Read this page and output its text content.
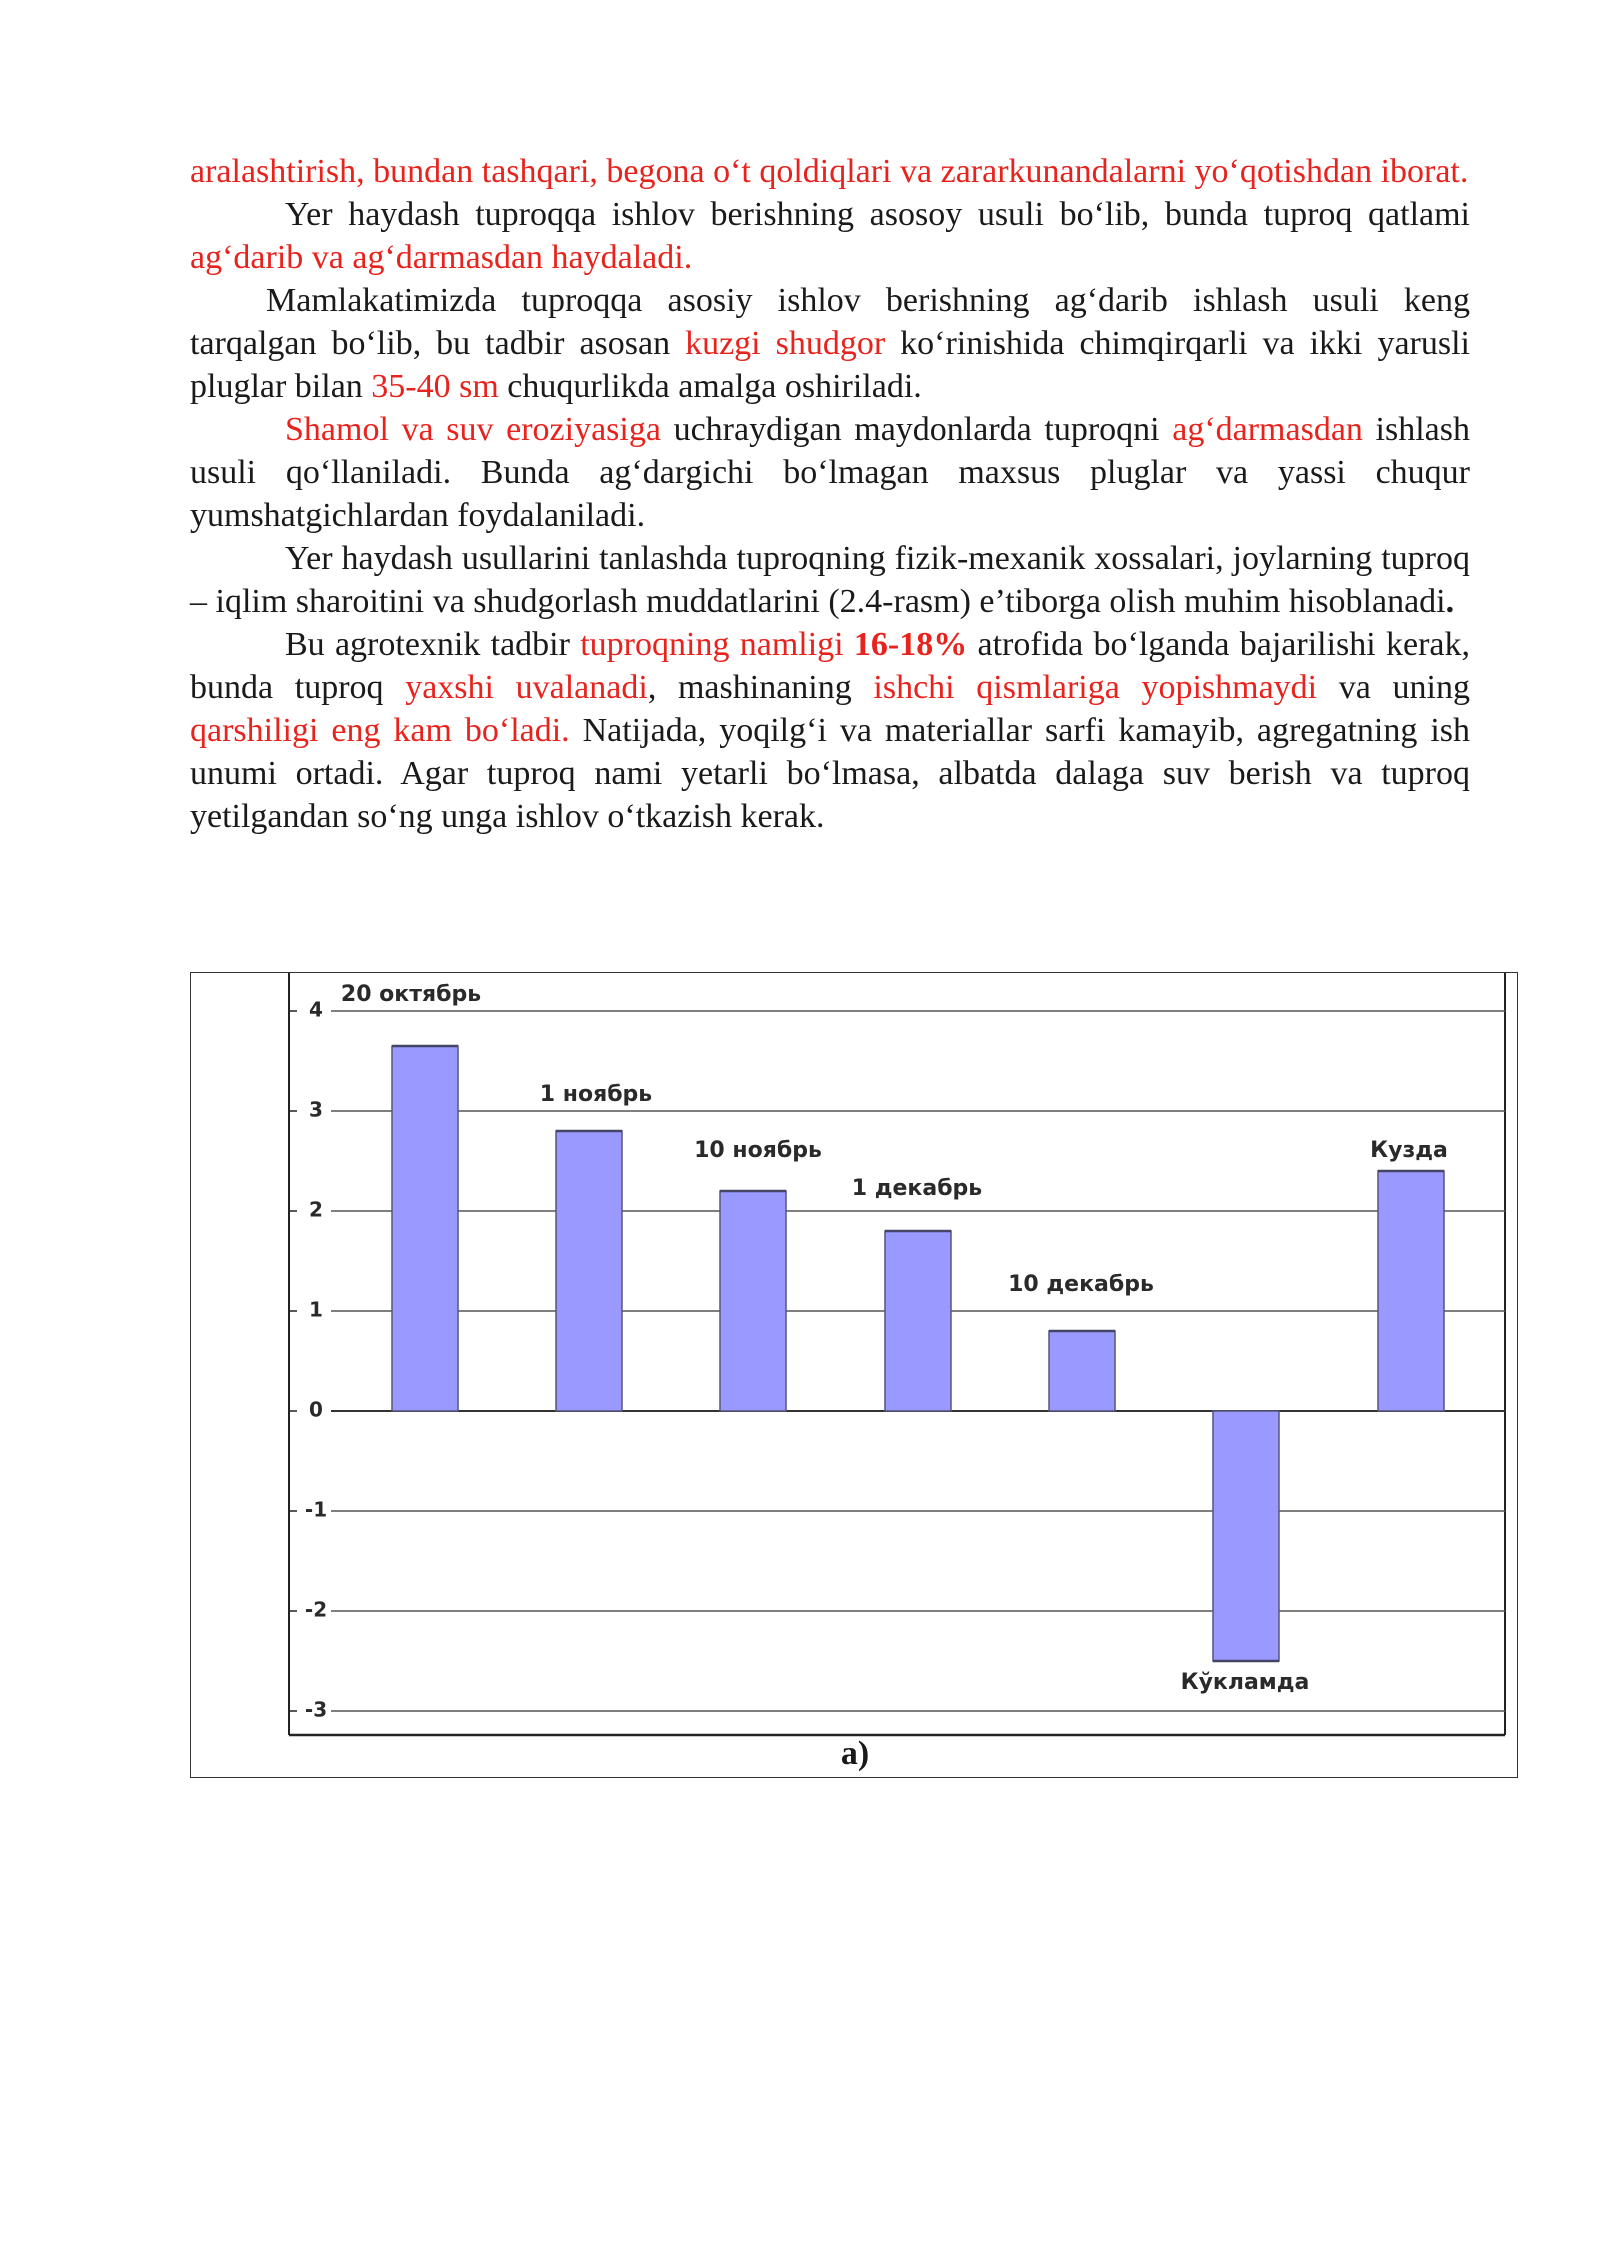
aralashtirish, bundan tashqari, begona o‘t qoldiqlari va zararkunandalarni yo‘qotishdan iborat.

Yer haydash tuproqqa ishlov berishning asosoy usuli bo‘lib, bunda tuproq qatlami ag‘darib va ag‘darmasdan haydaladi.

Mamlakatimizda tuproqqa asosiy ishlov berishning ag‘darib ishlash usuli keng tarqalgan bo‘lib, bu tadbir asosan kuzgi shudgor ko‘rinishida chimqirqarli va ikki yarusli pluglar bilan 35-40 sm chuqurlikda amalga oshiriladi.

Shamol va suv eroziyasiga uchraydigan maydonlarda tuproqni ag‘darmasdan ishlash usuli qo‘llaniladi. Bunda ag‘dargichi bo‘lmagan maxsus pluglar va yassi chuqur yumshatgichlardan foydalaniladi.

Yer haydash usullarini tanlashda tuproqning fizik-mexanik xossalari, joylarning tuproq – iqlim sharoitini va shudgorlash muddatlarini (2.4-rasm) e’tiborga olish muhim hisoblanadi.

Bu agrotexnik tadbir tuproqning namligi 16-18% atrofida bo‘lganda bajarilishi kerak, bunda tuproq yaxshi uvalanadi, mashinaning ishchi qismlariga yopishmaydi va uning qarshiligi eng kam bo‘ladi. Natijada, yoqilg‘i va materiallar sarfi kamayib, agregatning ish unumi ortadi. Agar tuproq nami yetarli bo‘lmasa, albatda dalaga suv berish va tuproq yetilgandan so‘ng unga ishlov o‘tkazish kerak.

4
3
2
1
0
-1
-2
-3
20 октябрь
1 ноябрь
10 ноябрь
1 декабрь
10 декабрь
Кўкламда
Кузда
a)
